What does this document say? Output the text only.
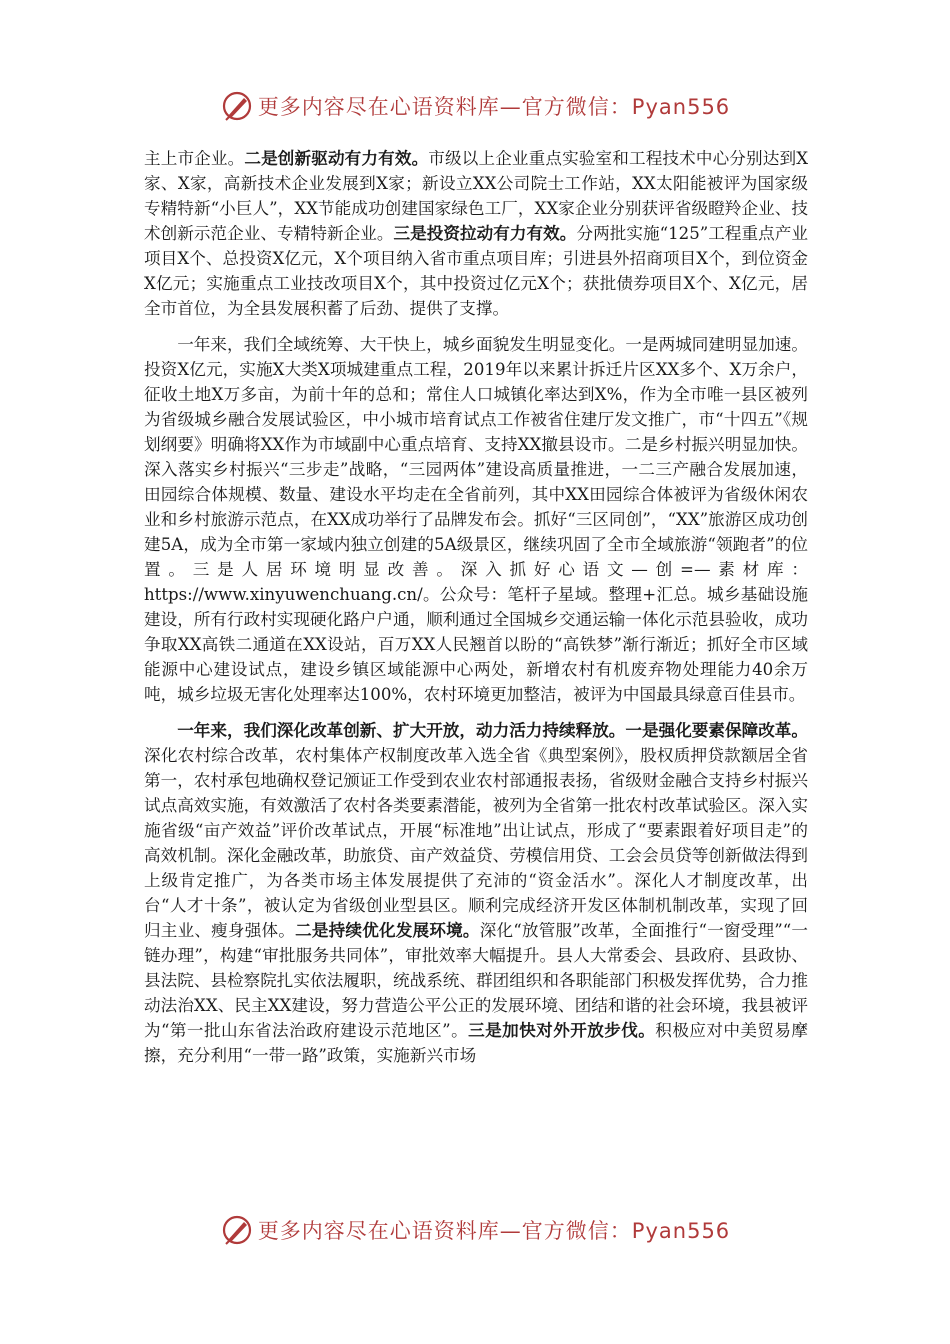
更多内容尽在心语资料库—官方微信：Pyan556

主上市企业。二是创新驱动有力有效。市级以上企业重点实验室和工程技术中心分别达到X家、X家，高新技术企业发展到X家；新设立XX公司院士工作站，XX太阳能被评为国家级专精特新“小巨人”，XX节能成功创建国家绿色工厂，XX家企业分别获评省级瞪羚企业、技术创新示范企业、专精特新企业。三是投资拉动有力有效。分两批实施“125”工程重点产业项目X个、总投资X亿元，X个项目纳入省市重点项目库；引进县外招商项目X个，到位资金X亿元；实施重点工业技改项目X个，其中投资过亿元X个；获批债券项目X个、X亿元，居全市首位，为全县发展积蓄了后劲、提供了支撑。

一年来，我们全域统筹、大干快上，城乡面貌发生明显变化。一是两城同建明显加速。投资X亿元，实施X大类X项城建重点工程，2019年以来累计拆迁片区XX多个、X万余户，征收土地X万多亩，为前十年的总和；常住人口城镇化率达到X%，作为全市唯一县区被列为省级城乡融合发展试验区，中小城市培育试点工作被省住建厅发文推广，市“十四五”《规划纲要》明确将XX作为市域副中心重点培育、支持XX撤县设市。二是乡村振兴明显加快。深入落实乡村振兴“三步走”战略，“三园两体”建设高质量推进，一二三产融合发展加速，田园综合体规模、数量、建设水平均走在全省前列，其中XX田园综合体被评为省级休闲农业和乡村旅游示范点，在XX成功举行了品牌发布会。抓好“三区同创”，“XX”旅游区成功创建5A，成为全市第一家域内独立创建的5A级景区，继续巩固了全市全域旅游“领跑者”的位置。三是人居环境明显改善。深入抓好心语文—创=—素材库：https://www.xinyuwenchuang.cn/。公众号：笔杆子星域。整理+汇总。城乡基础设施建设，所有行政村实现硬化路户户通，顺利通过全国城乡交通运输一体化示范县验收，成功争取XX高铁二通道在XX设站，百万XX人民翘首以盼的“高铁梦”渐行渐近；抓好全市区域能源中心建设试点，建设乡镇区域能源中心两处，新增农村有机废弃物处理能力40余万吨，城乡垃圾无害化处理率达100%，农村环境更加整洁，被评为中国最具绿意百佳县市。

一年来，我们深化改革创新、扩大开放，动力活力持续释放。一是强化要素保障改革。深化农村综合改革，农村集体产权制度改革入选全省《典型案例》，股权质押贷款额居全省第一，农村承包地确权登记颁证工作受到农业农村部通报表扬，省级财金融合支持乡村振兴试点高效实施，有效激活了农村各类要素潜能，被列为全省第一批农村改革试验区。深入实施省级“亩产效益”评价改革试点，开展“标准地”出让试点，形成了“要素跟着好项目走”的高效机制。深化金融改革，助旅贷、亩产效益贷、劳模信用贷、工会会员贷等创新做法得到上级肯定推广，为各类市场主体发展提供了充沛的“资金活水”。深化人才制度改革，出台“人才十条”，被认定为省级创业型县区。顺利完成经济开发区体制机制改革，实现了回归主业、瘦身强体。二是持续优化发展环境。深化“放管服”改革，全面推行“一窗受理”“一链办理”，构建“审批服务共同体”，审批效率大幅提升。县人大常委会、县政府、县政协、县法院、县检察院扎实依法履职，统战系统、群团组织和各职能部门积极发挥优势，合力推动法治XX、民主XX建设，努力营造公平公正的发展环境、团结和谐的社会环境，我县被评为“第一批山东省法治政府建设示范地区”。三是加快对外开放步伐。积极应对中美贸易摩擦，充分利用“一带一路”政策，实施新兴市场

更多内容尽在心语资料库—官方微信：Pyan556
